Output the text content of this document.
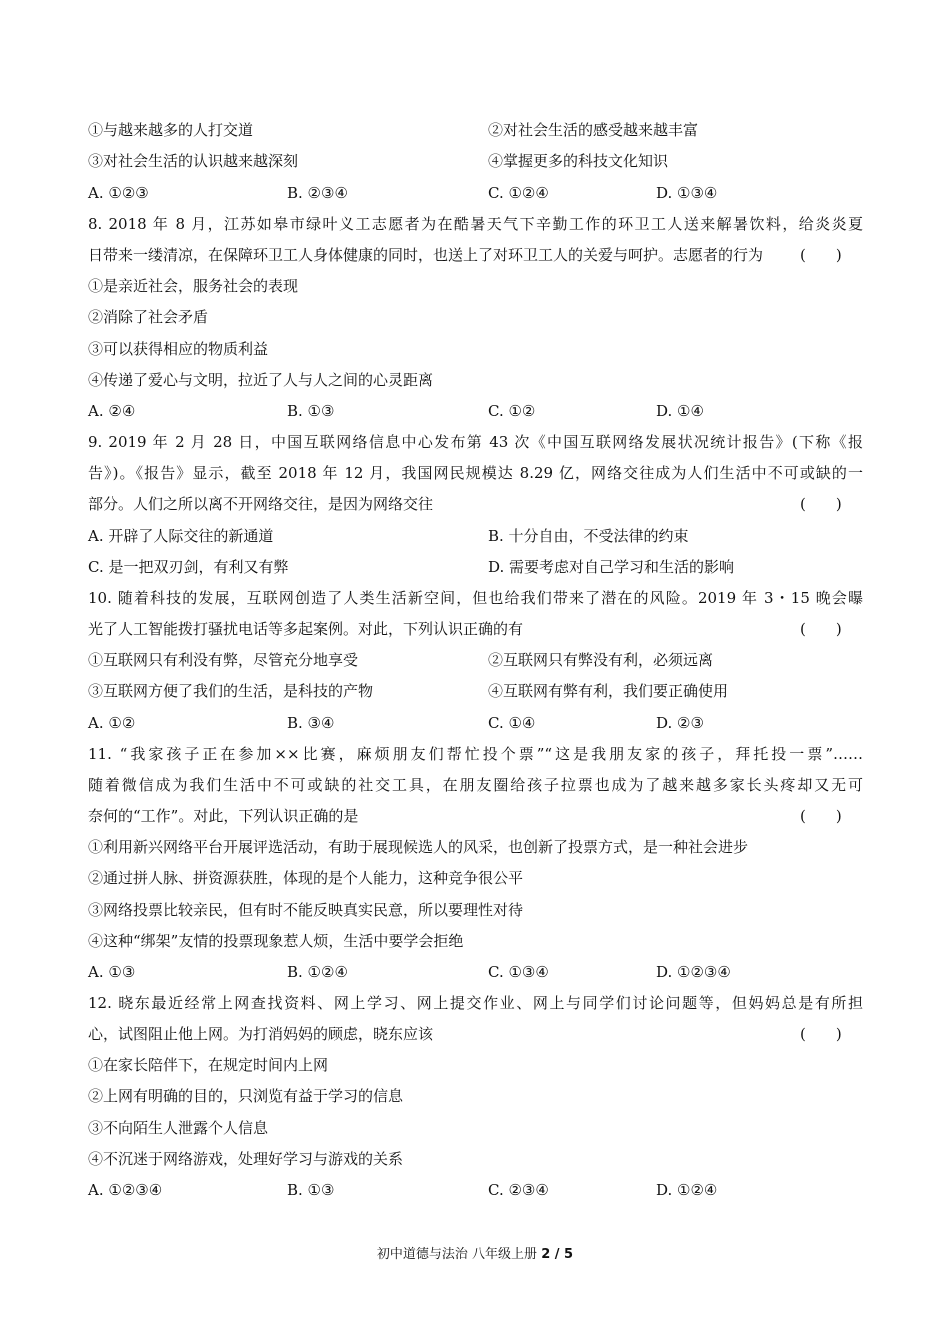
①与越来越多的人打交道	②对社会生活的感受越来越丰富
③对社会生活的认识越来越深刻	④掌握更多的科技文化知识
A. ①②③	B. ②③④	C. ①②④	D. ①③④
8. 2018 年 8 月，江苏如皋市绿叶义工志愿者为在酷暑天气下辛勤工作的环卫工人送来解暑饮料，给炎炎夏
日带来一缕清凉，在保障环卫工人身体健康的同时，也送上了对环卫工人的关爱与呵护。志愿者的行为 (　　)
①是亲近社会，服务社会的表现
②消除了社会矛盾
③可以获得相应的物质利益
④传递了爱心与文明，拉近了人与人之间的心灵距离
A. ②④	B. ①③	C. ①②	D. ①④
9. 2019 年 2 月 28 日，中国互联网络信息中心发布第 43 次《中国互联网络发展状况统计报告》(下称《报
告》)。《报告》显示，截至 2018 年 12 月，我国网民规模达 8.29 亿，网络交往成为人们生活中不可或缺的一
部分。人们之所以离不开网络交往，是因为网络交往	(　　)
A. 开辟了人际交往的新通道	B. 十分自由，不受法律的约束
C. 是一把双刃剑，有利又有弊	D. 需要考虑对自己学习和生活的影响
10. 随着科技的发展，互联网创造了人类生活新空间，但也给我们带来了潜在的风险。2019 年 3・15 晚会曝
光了人工智能拨打骚扰电话等多起案例。对此，下列认识正确的有	(　　)
①互联网只有利没有弊，尽管充分地享受	②互联网只有弊没有利，必须远离
③互联网方便了我们的生活，是科技的产物	④互联网有弊有利，我们要正确使用
A. ①②	B. ③④	C. ①④	D. ②③
11. “我家孩子正在参加××比赛，麻烦朋友们帮忙投个票”“这是我朋友家的孩子，拜托投一票”……
随着微信成为我们生活中不可或缺的社交工具，在朋友圈给孩子拉票也成为了越来越多家长头疼却又无可
奈何的“工作”。对此，下列认识正确的是	(　　)
①利用新兴网络平台开展评选活动，有助于展现候选人的风采，也创新了投票方式，是一种社会进步
②通过拼人脉、拼资源获胜，体现的是个人能力，这种竞争很公平
③网络投票比较亲民，但有时不能反映真实民意，所以要理性对待
④这种“绑架”友情的投票现象惹人烦，生活中要学会拒绝
A. ①③	B. ①②④	C. ①③④	D. ①②③④
12. 晓东最近经常上网查找资料、网上学习、网上提交作业、网上与同学们讨论问题等，但妈妈总是有所担
心，试图阻止他上网。为打消妈妈的顾虑，晓东应该	(　　)
①在家长陪伴下，在规定时间内上网
②上网有明确的目的，只浏览有益于学习的信息
③不向陌生人泄露个人信息
④不沉迷于网络游戏，处理好学习与游戏的关系
A. ①②③④	B. ①③	C. ②③④	D. ①②④
初中道德与法治 八年级上册 2 / 5
